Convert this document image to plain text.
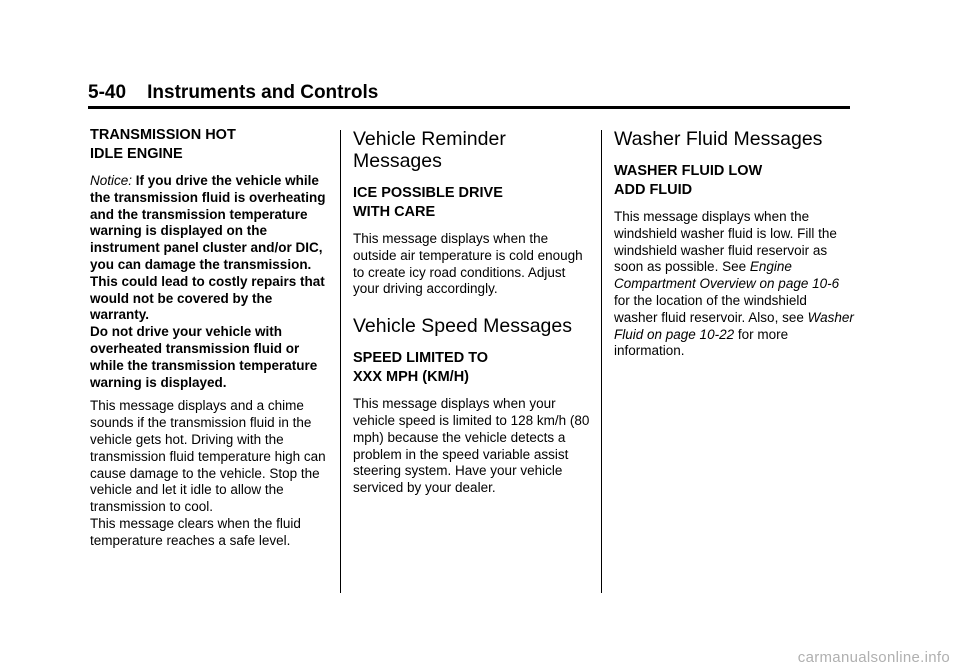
5-40 Instruments and Controls
TRANSMISSION HOT
IDLE ENGINE

Notice: If you drive the vehicle while the transmission fluid is overheating and the transmission temperature warning is displayed on the instrument panel cluster and/or DIC, you can damage the transmission. This could lead to costly repairs that would not be covered by the warranty.
Do not drive your vehicle with overheated transmission fluid or while the transmission temperature warning is displayed.

This message displays and a chime sounds if the transmission fluid in the vehicle gets hot. Driving with the transmission fluid temperature high can cause damage to the vehicle. Stop the vehicle and let it idle to allow the transmission to cool.
This message clears when the fluid temperature reaches a safe level.

Vehicle Reminder
Messages
ICE POSSIBLE DRIVE
WITH CARE

This message displays when the outside air temperature is cold enough to create icy road conditions. Adjust your driving accordingly.

Vehicle Speed Messages
SPEED LIMITED TO
XXX MPH (KM/H)

This message displays when your vehicle speed is limited to 128 km/h (80 mph) because the vehicle detects a problem in the speed variable assist steering system. Have your vehicle serviced by your dealer.

Washer Fluid Messages
WASHER FLUID LOW
ADD FLUID

This message displays when the windshield washer fluid is low. Fill the windshield washer fluid reservoir as soon as possible. See Engine Compartment Overview on page 10-6 for the location of the windshield washer fluid reservoir. Also, see Washer Fluid on page 10-22 for more information.

carmanualsonline.info
